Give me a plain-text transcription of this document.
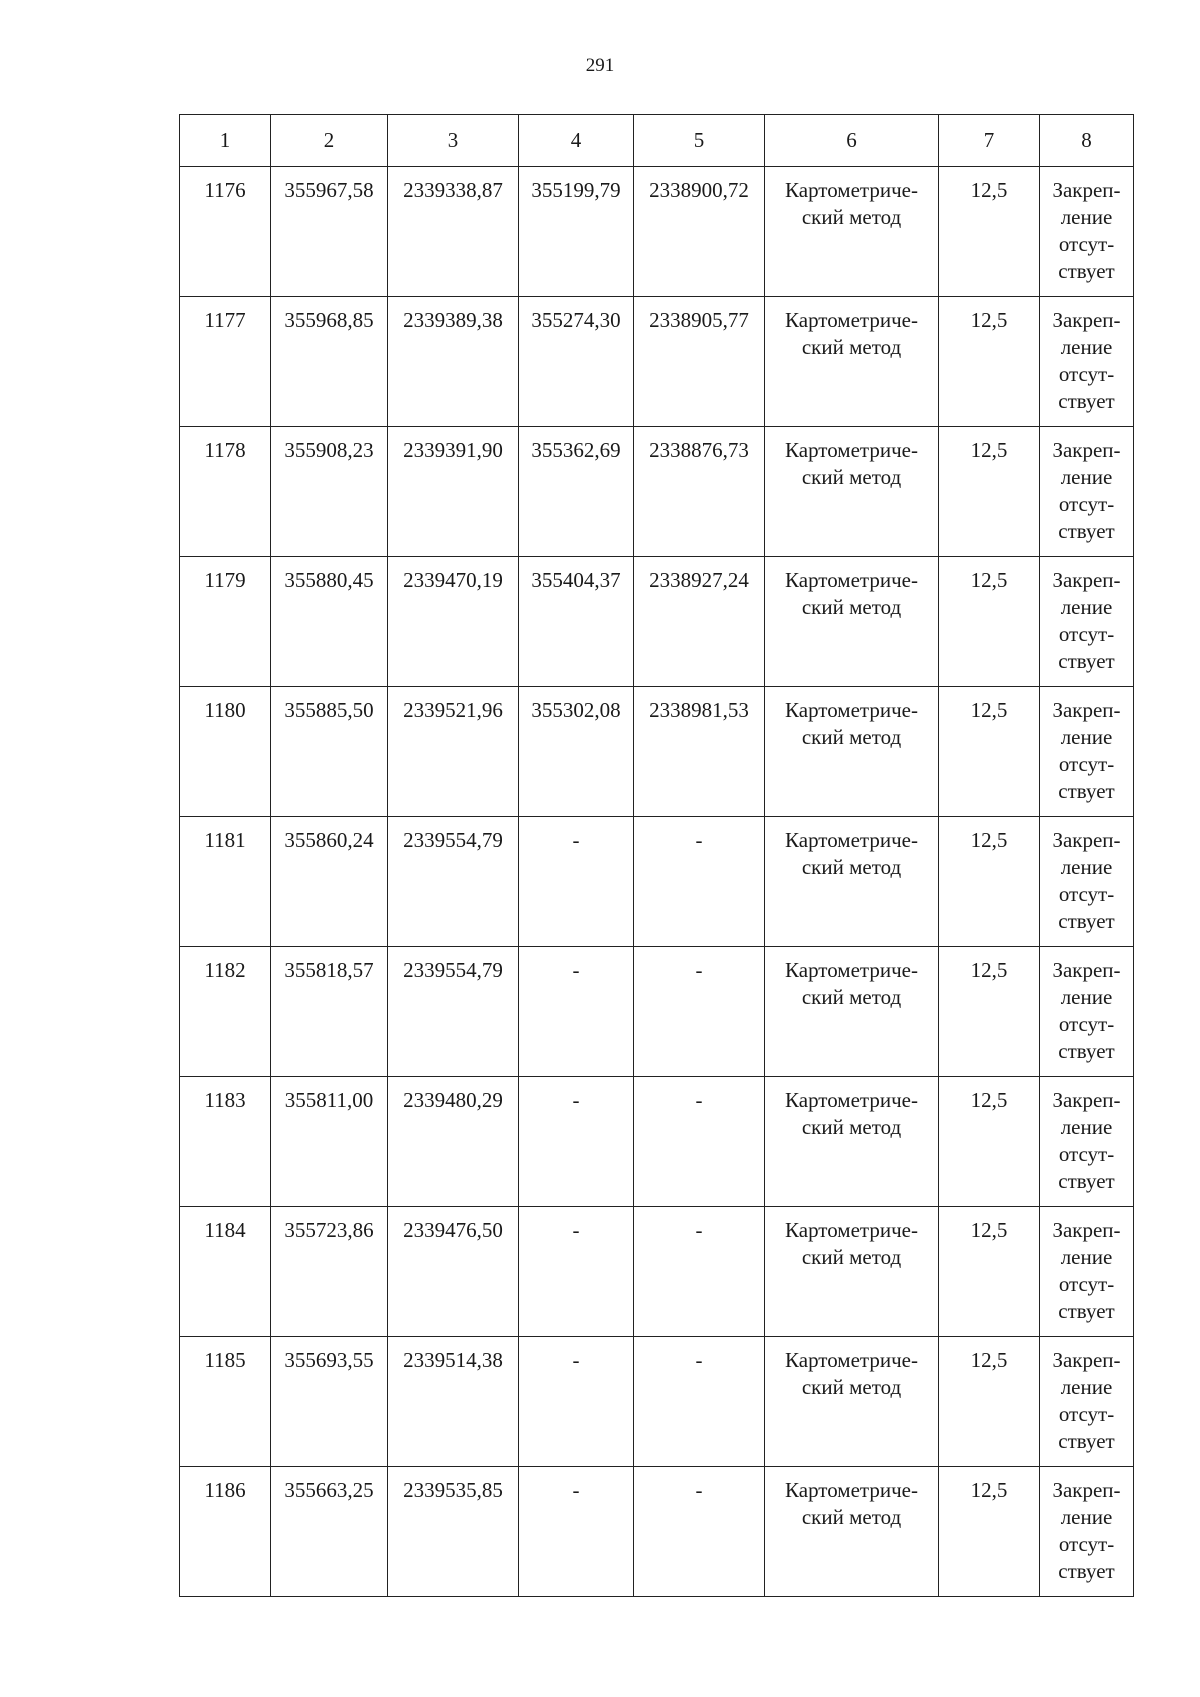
291
1	2	3	4	5	6	7	8

1176	355967,58	2339338,87	355199,79	2338900,72	Картометриче-
ский метод	12,5	Закреп-
ление
отсут-
ствует

1177	355968,85	2339389,38	355274,30	2338905,77	Картометриче-
ский метод	12,5	Закреп-
ление
отсут-
ствует

1178	355908,23	2339391,90	355362,69	2338876,73	Картометриче-
ский метод	12,5	Закреп-
ление
отсут-
ствует

1179	355880,45	2339470,19	355404,37	2338927,24	Картометриче-
ский метод	12,5	Закреп-
ление
отсут-
ствует

1180	355885,50	2339521,96	355302,08	2338981,53	Картометриче-
ский метод	12,5	Закреп-
ление
отсут-
ствует

1181	355860,24	2339554,79	-	-	Картометриче-
ский метод	12,5	Закреп-
ление
отсут-
ствует

1182	355818,57	2339554,79	-	-	Картометриче-
ский метод	12,5	Закреп-
ление
отсут-
ствует

1183	355811,00	2339480,29	-	-	Картометриче-
ский метод	12,5	Закреп-
ление
отсут-
ствует

1184	355723,86	2339476,50	-	-	Картометриче-
ский метод	12,5	Закреп-
ление
отсут-
ствует

1185	355693,55	2339514,38	-	-	Картометриче-
ский метод	12,5	Закреп-
ление
отсут-
ствует

1186	355663,25	2339535,85	-	-	Картометриче-
ский метод	12,5	Закреп-
ление
отсут-
ствует
